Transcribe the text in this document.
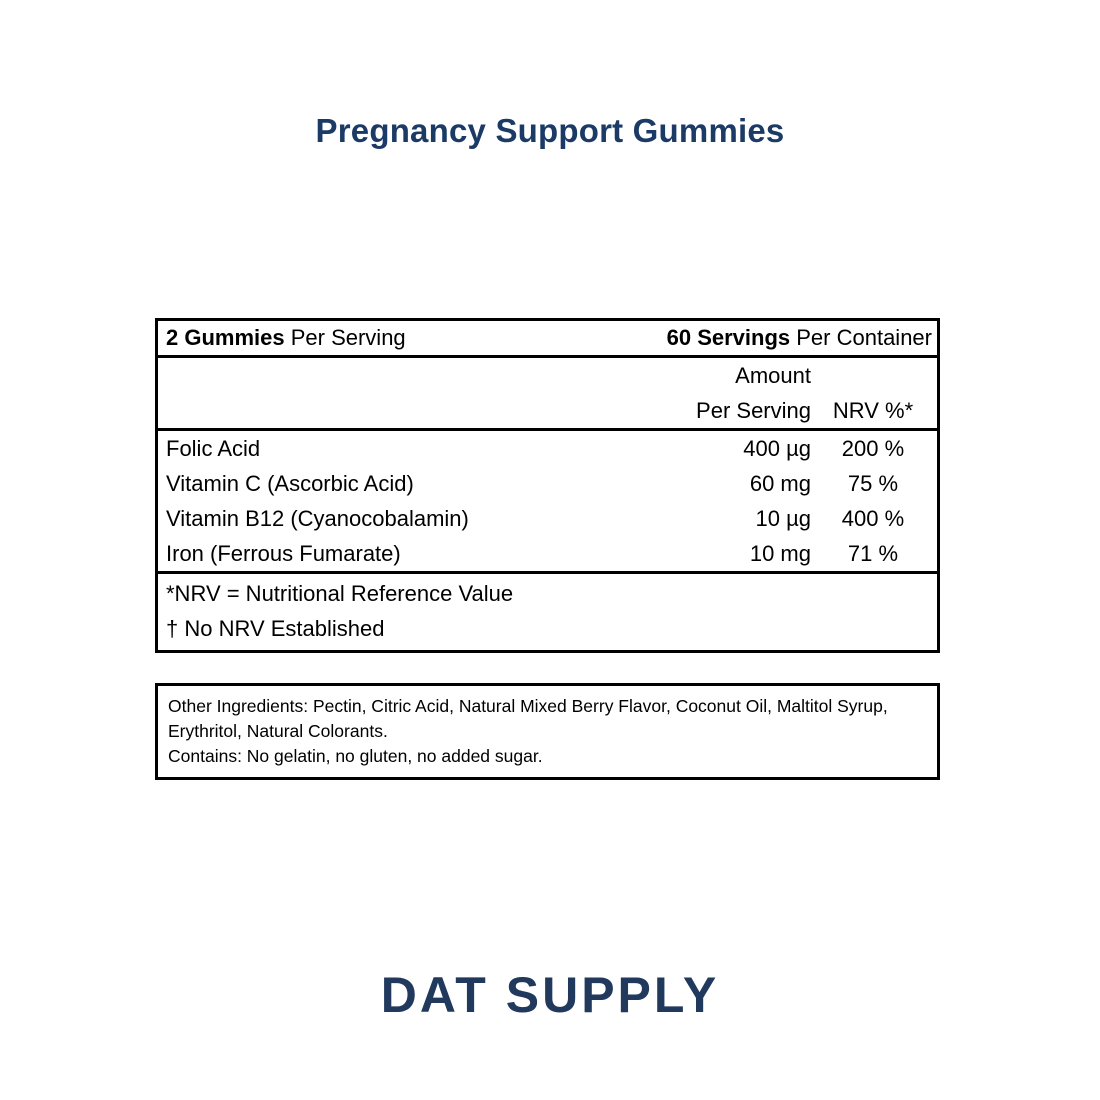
Pregnancy Support Gummies
2 Gummies Per Serving	60 Servings Per Container
Amount
Per Serving NRV %*
Folic Acid	400 µg	200 %
Vitamin C (Ascorbic Acid)	60 mg	75 %
Vitamin B12 (Cyanocobalamin)	10 µg	400 %
Iron (Ferrous Fumarate)	10 mg	71 %
*NRV = Nutritional Reference Value
† No NRV Established
Other Ingredients: Pectin, Citric Acid, Natural Mixed Berry Flavor, Coconut Oil, Maltitol Syrup, Erythritol, Natural Colorants.
Contains: No gelatin, no gluten, no added sugar.
DAT SUPPLY
